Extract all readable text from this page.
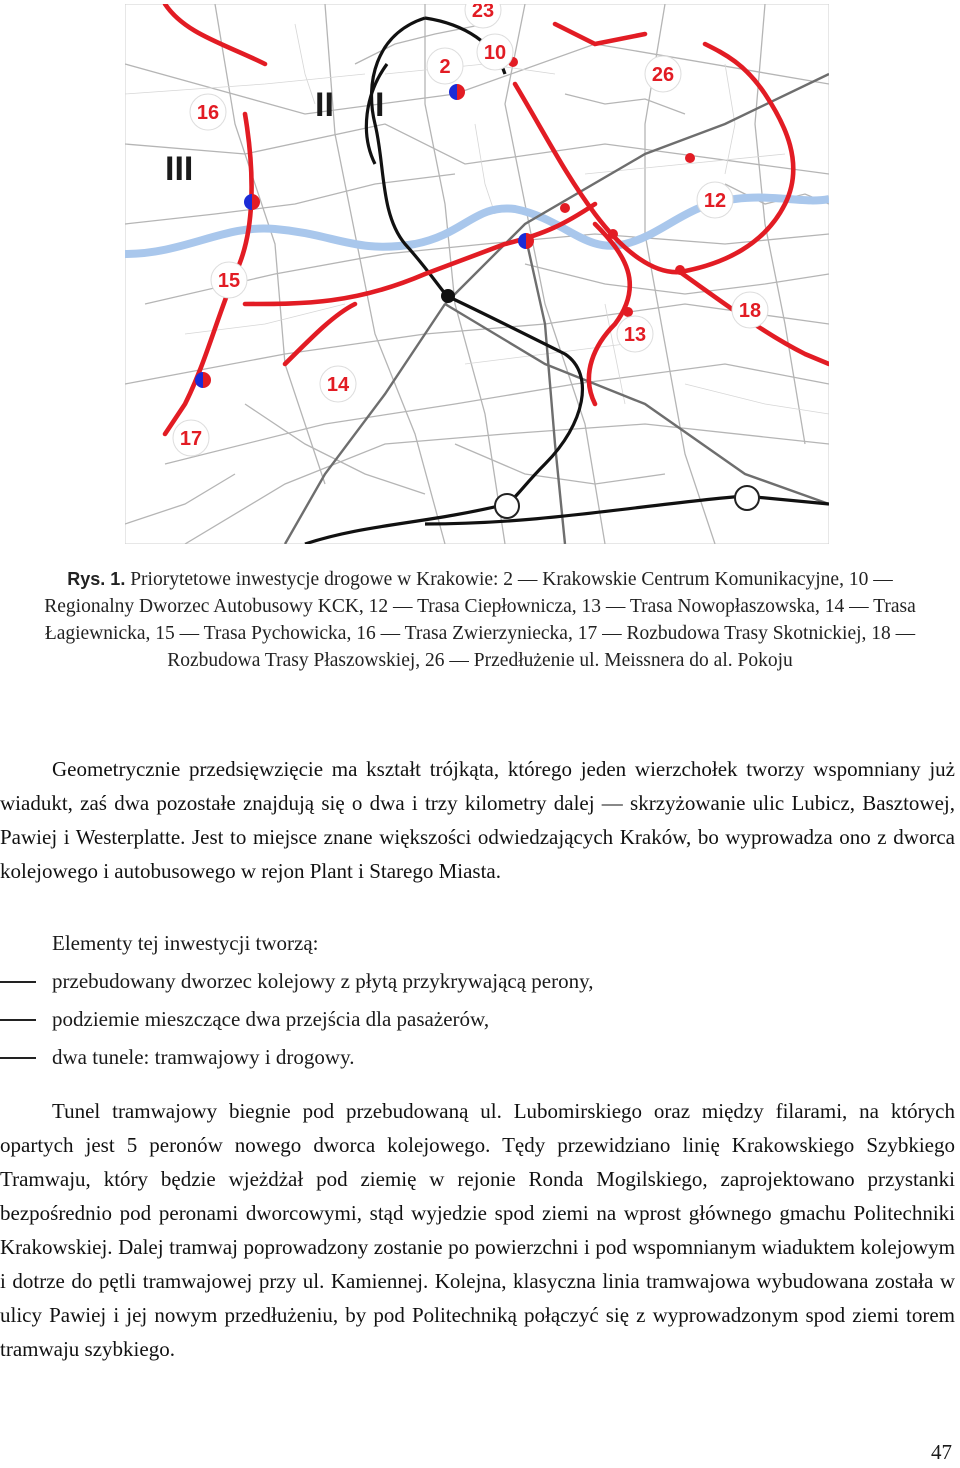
III
II I
23
2
10
26
16
12
15
18
13
14
17
Rys. 1. Priorytetowe inwestycje drogowe w Krakowie: 2 — Krakowskie Centrum Komunikacyjne, 10 — Regionalny Dworzec Autobusowy KCK, 12 — Trasa Ciepłownicza, 13 — Trasa Nowopłaszowska, 14 — Trasa Łagiewnicka, 15 — Trasa Pychowicka, 16 — Trasa Zwierzyniecka, 17 — Rozbudowa Trasy Skotnickiej, 18 — Rozbudowa Trasy Płaszowskiej, 26 — Przedłużenie ul. Meissnera do al. Pokoju

Geometrycznie przedsięwzięcie ma kształt trójkąta, którego jeden wierzchołek tworzy wspomniany już wiadukt, zaś dwa pozostałe znajdują się o dwa i trzy kilometry dalej — skrzyżowanie ulic Lubicz, Basztowej, Pawiej i Westerplatte. Jest to miejsce znane większości odwiedzających Kraków, bo wyprowadza ono z dworca kolejowego i autobusowego w rejon Plant i Starego Miasta.

Elementy tej inwestycji tworzą:
przebudowany dworzec kolejowy z płytą przykrywającą perony,
podziemie mieszczące dwa przejścia dla pasażerów,
dwa tunele: tramwajowy i drogowy.

Tunel tramwajowy biegnie pod przebudowaną ul. Lubomirskiego oraz między filarami, na których opartych jest 5 peronów nowego dworca kolejowego. Tędy przewidziano linię Krakowskiego Szybkiego Tramwaju, który będzie wjeżdżał pod ziemię w rejonie Ronda Mogilskiego, zaprojektowano przystanki bezpośrednio pod peronami dworcowymi, stąd wyjedzie spod ziemi na wprost głównego gmachu Politechniki Krakowskiej. Dalej tramwaj poprowadzony zostanie po powierzchni i pod wspomnianym wiaduktem kolejowym i dotrze do pętli tramwajowej przy ul. Kamiennej. Kolejna, klasyczna linia tramwajowa wybudowana została w ulicy Pawiej i jej nowym przedłużeniu, by pod Politechniką połączyć się z wyprowadzonym spod ziemi torem tramwaju szybkiego.

47
